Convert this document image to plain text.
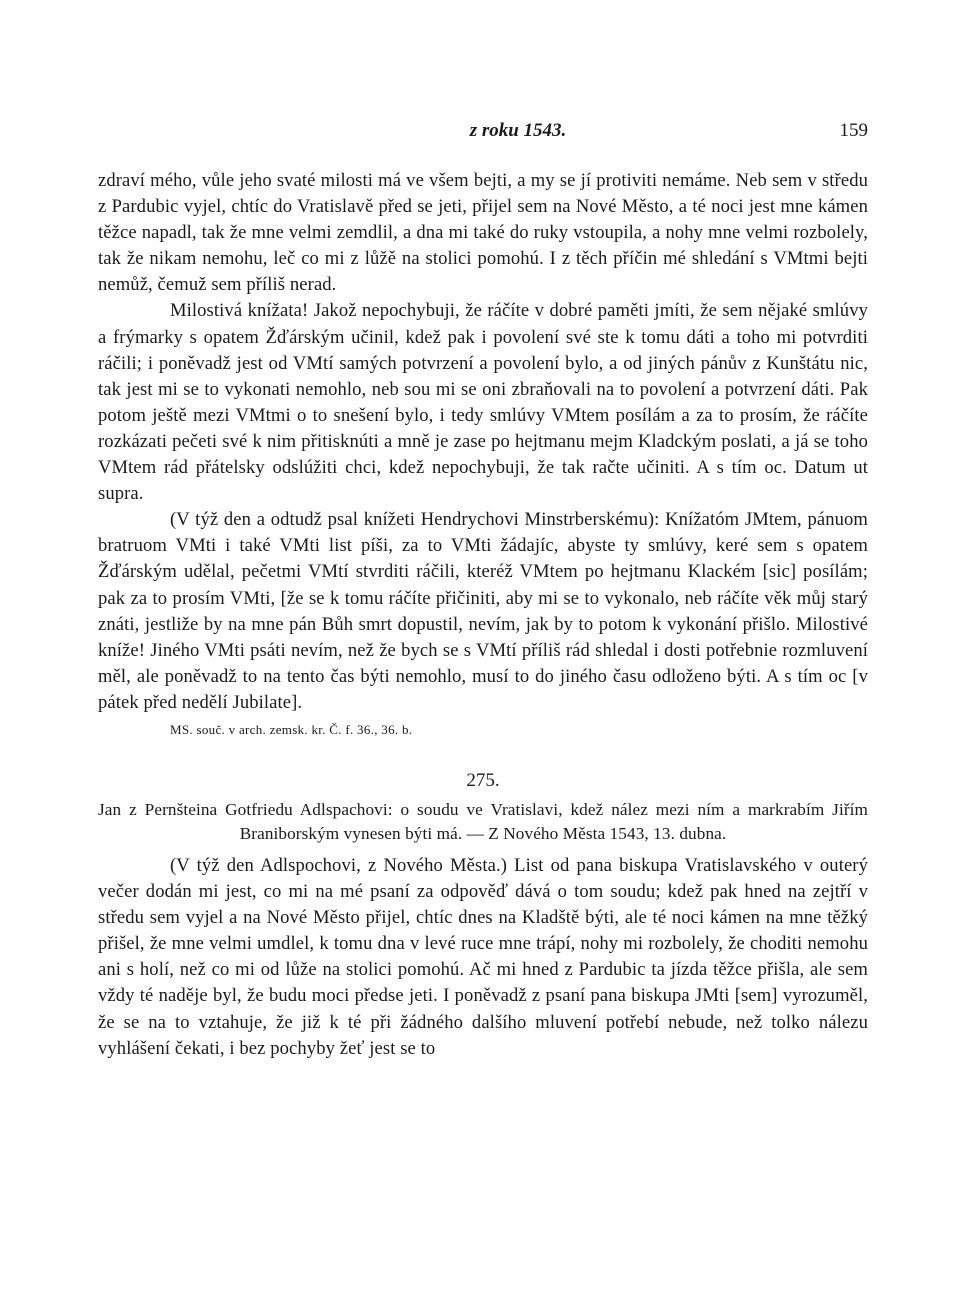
z roku 1543.	159

zdraví mého, vůle jeho svaté milosti má ve všem bejti, a my se jí protiviti nemáme. Neb sem v středu z Pardubic vyjel, chtíc do Vratislavě před se jeti, přijel sem na Nové Město, a té noci jest mne kámen těžce napadl, tak že mne velmi zemdlil, a dna mi také do ruky vstoupila, a nohy mne velmi rozbolely, tak že nikam nemohu, leč co mi z lůžě na stolici pomohú. I z těch příčin mé shledání s VMtmi bejti nemůž, čemuž sem příliš nerad.

Milostivá knížata! Jakož nepochybuji, že ráčíte v dobré paměti jmíti, že sem nějaké smlúvy a frýmarky s opatem Žďárským učinil, kdež pak i povolení své ste k tomu dáti a toho mi potvrditi ráčili; i poněvadž jest od VMtí samých potvrzení a povolení bylo, a od jiných pánův z Kunštátu nic, tak jest mi se to vykonati nemohlo, neb sou mi se oni zbraňovali na to povolení a potvrzení dáti. Pak potom ještě mezi VMtmi o to snešení bylo, i tedy smlúvy VMtem posílám a za to prosím, že ráčíte rozkázati pečeti své k nim přitisknúti a mně je zase po hejtmanu mejm Kladckým poslati, a já se toho VMtem rád přátelsky odslúžiti chci, kdež nepochybuji, že tak račte učiniti. A s tím oc. Datum ut supra.

(V týž den a odtudž psal knížeti Hendrychovi Minstrberskému): Knížatóm JMtem, pánuom bratruom VMti i také VMti list píši, za to VMti žádajíc, abyste ty smlúvy, keré sem s opatem Žďárským udělal, pečetmi VMtí stvrditi ráčili, kteréž VMtem po hejtmanu Klackém [sic] posílám; pak za to prosím VMti, [že se k tomu ráčíte přičiniti, aby mi se to vykonalo, neb ráčíte věk můj starý znáti, jestliže by na mne pán Bůh smrt dopustil, nevím, jak by to potom k vykonání přišlo. Milostivé kníže! Jiného VMti psáti nevím, než že bych se s VMtí příliš rád shledal i dosti potřebnie rozmluvení měl, ale poněvadž to na tento čas býti nemohlo, musí to do jiného času odloženo býti. A s tím oc [v pátek před nedělí Jubilate].

MS. souč. v arch. zemsk. kr. Č. f. 36., 36. b.
275.

Jan z Pernšteina Gotfriedu Adlspachovi: o soudu ve Vratislavi, kdež nález mezi ním a markrabím Jiřím Braniborským vynesen býti má. — Z Nového Města 1543, 13. dubna.

(V týž den Adlspochovi, z Nového Města.) List od pana biskupa Vratislavského v outerý večer dodán mi jest, co mi na mé psaní za odpověď dává o tom soudu; kdež pak hned na zejtří v středu sem vyjel a na Nové Město přijel, chtíc dnes na Kladště býti, ale té noci kámen na mne těžký přišel, že mne velmi umdlel, k tomu dna v levé ruce mne trápí, nohy mi rozbolely, že choditi nemohu ani s holí, než co mi od lůže na stolici pomohú. Ač mi hned z Pardubic ta jízda těžce přišla, ale sem vždy té naděje byl, že budu moci předse jeti. I poněvadž z psaní pana biskupa JMti [sem] vyrozuměl, že se na to vztahuje, že již k té při žádného dalšího mluvení potřebí nebude, než tolko nálezu vyhlášení čekati, i bez pochyby žeť jest se to
